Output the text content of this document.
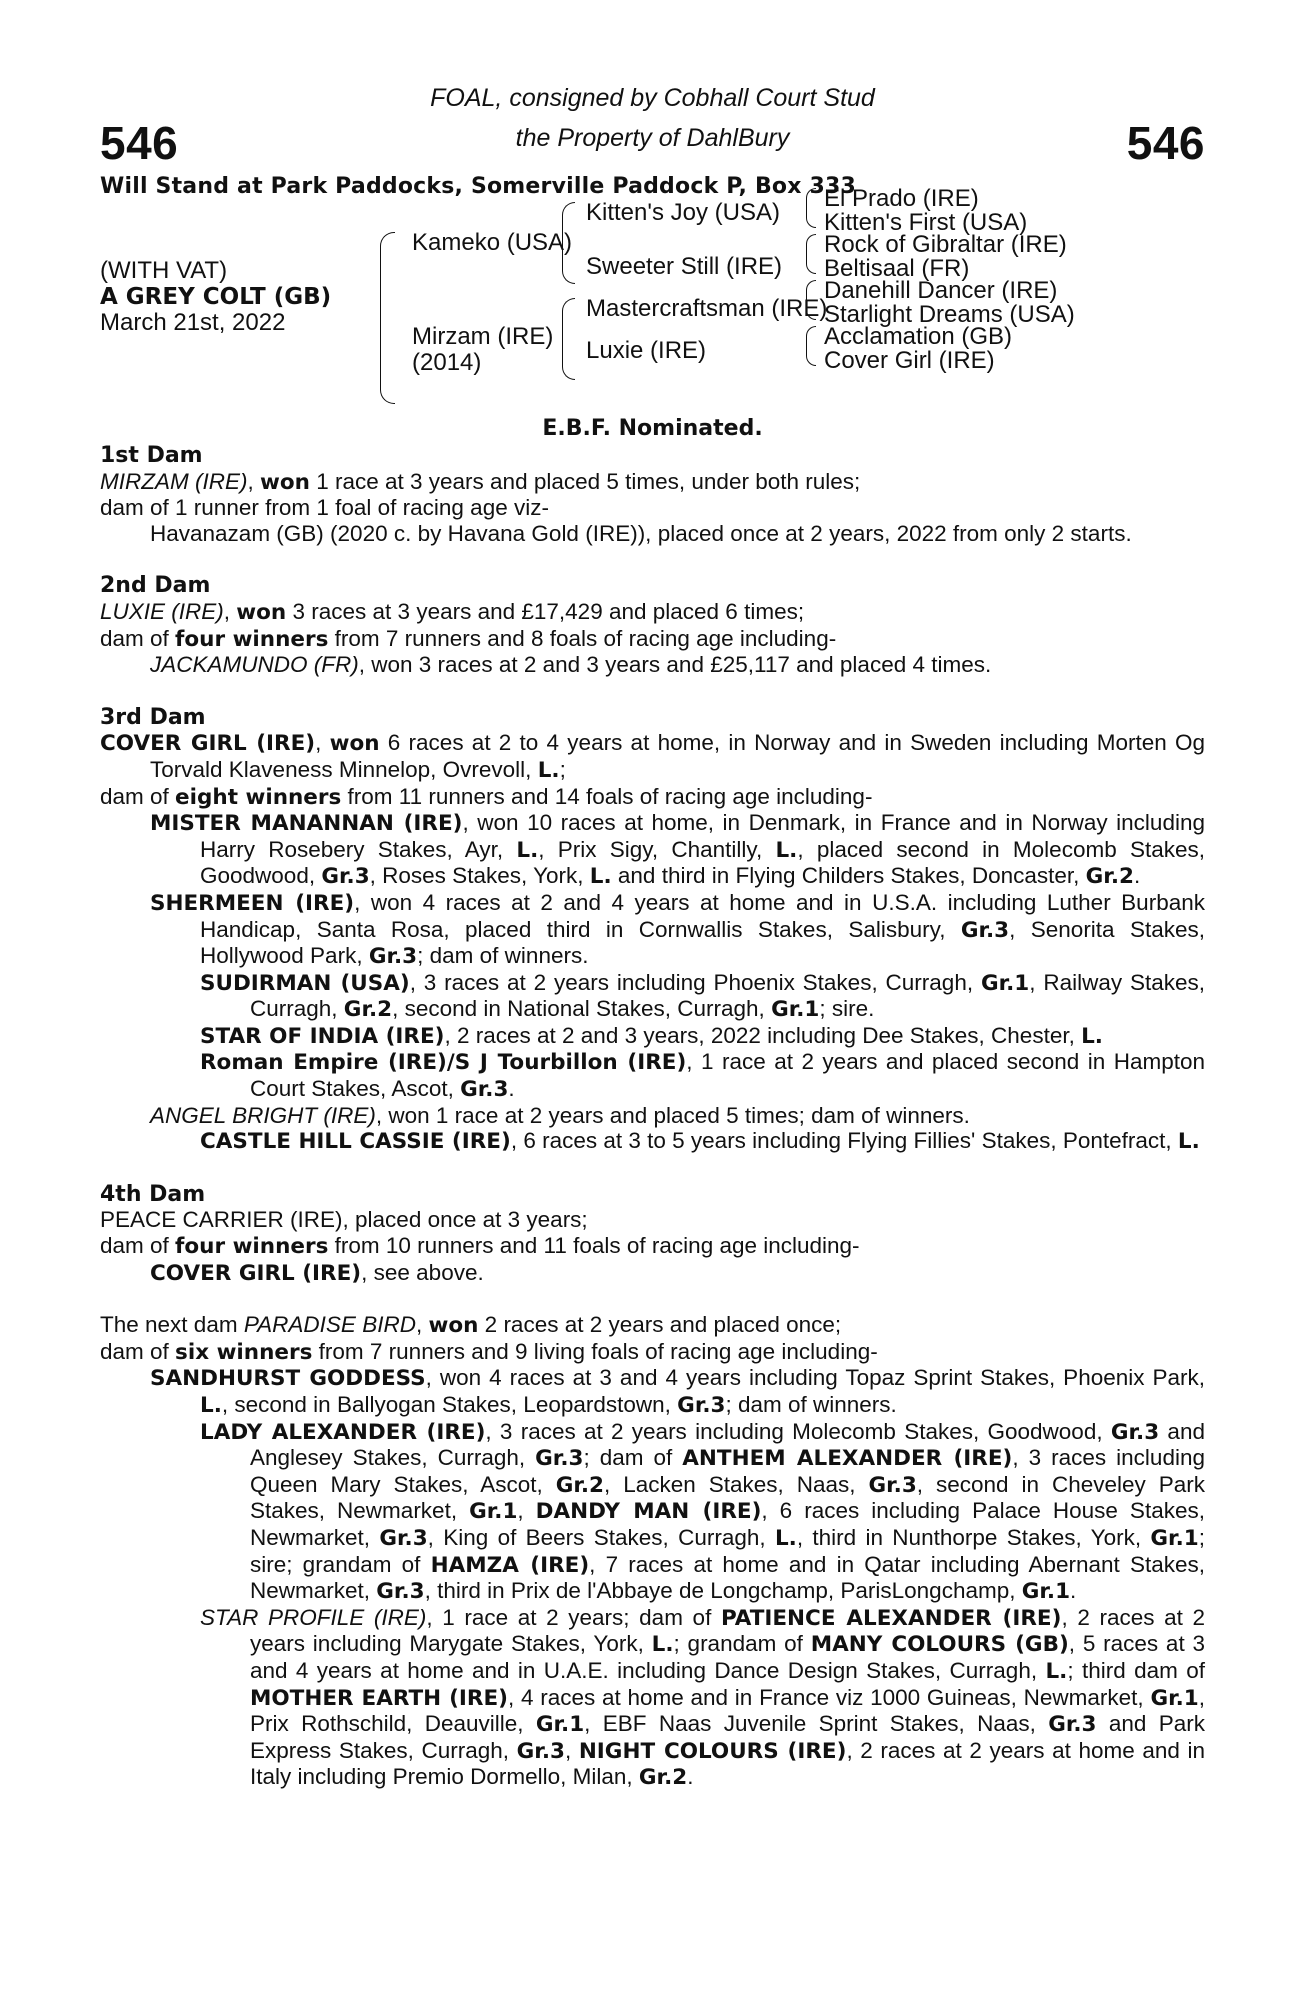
546
FOAL, consigned by Cobhall Court Stud
the Property of DahlBury	546
Will Stand at Park Paddocks, Somerville Paddock P, Box 333
(WITH VAT)
A GREY COLT (GB)
March 21st, 2022
Kameko (USA)
Mirzam (IRE)
(2014)
Kitten's Joy (USA)
Sweeter Still (IRE)
Mastercraftsman (IRE)
Luxie (IRE)
El Prado (IRE)
Kitten's First (USA)
Rock of Gibraltar (IRE)
Beltisaal (FR)
Danehill Dancer (IRE)
Starlight Dreams (USA)
Acclamation (GB)
Cover Girl (IRE)
E.B.F. Nominated.

1st Dam

MIRZAM (IRE), won 1 race at 3 years and placed 5 times, under both rules;

dam of 1 runner from 1 foal of racing age viz-

Havanazam (GB) (2020 c. by Havana Gold (IRE)), placed once at 2 years, 2022 from only 2 starts.

2nd Dam

LUXIE (IRE), won 3 races at 3 years and £17,429 and placed 6 times;

dam of four winners from 7 runners and 8 foals of racing age including-

JACKAMUNDO (FR), won 3 races at 2 and 3 years and £25,117 and placed 4 times.

3rd Dam

COVER GIRL (IRE), won 6 races at 2 to 4 years at home, in Norway and in Sweden including Morten Og Torvald Klaveness Minnelop, Ovrevoll, L.;

dam of eight winners from 11 runners and 14 foals of racing age including-

MISTER MANANNAN (IRE), won 10 races at home, in Denmark, in France and in Norway including Harry Rosebery Stakes, Ayr, L., Prix Sigy, Chantilly, L., placed second in Molecomb Stakes, Goodwood, Gr.3, Roses Stakes, York, L. and third in Flying Childers Stakes, Doncaster, Gr.2.

SHERMEEN (IRE), won 4 races at 2 and 4 years at home and in U.S.A. including Luther Burbank Handicap, Santa Rosa, placed third in Cornwallis Stakes, Salisbury, Gr.3, Senorita Stakes, Hollywood Park, Gr.3; dam of winners.

SUDIRMAN (USA), 3 races at 2 years including Phoenix Stakes, Curragh, Gr.1, Railway Stakes, Curragh, Gr.2, second in National Stakes, Curragh, Gr.1; sire.

STAR OF INDIA (IRE), 2 races at 2 and 3 years, 2022 including Dee Stakes, Chester, L.

Roman Empire (IRE)/S J Tourbillon (IRE), 1 race at 2 years and placed second in Hampton Court Stakes, Ascot, Gr.3.

ANGEL BRIGHT (IRE), won 1 race at 2 years and placed 5 times; dam of winners.

CASTLE HILL CASSIE (IRE), 6 races at 3 to 5 years including Flying Fillies' Stakes, Pontefract, L.

4th Dam

PEACE CARRIER (IRE), placed once at 3 years;

dam of four winners from 10 runners and 11 foals of racing age including-

COVER GIRL (IRE), see above.

The next dam PARADISE BIRD, won 2 races at 2 years and placed once;

dam of six winners from 7 runners and 9 living foals of racing age including-

SANDHURST GODDESS, won 4 races at 3 and 4 years including Topaz Sprint Stakes, Phoenix Park, L., second in Ballyogan Stakes, Leopardstown, Gr.3; dam of winners.

LADY ALEXANDER (IRE), 3 races at 2 years including Molecomb Stakes, Goodwood, Gr.3 and Anglesey Stakes, Curragh, Gr.3; dam of ANTHEM ALEXANDER (IRE), 3 races including Queen Mary Stakes, Ascot, Gr.2, Lacken Stakes, Naas, Gr.3, second in Cheveley Park Stakes, Newmarket, Gr.1, DANDY MAN (IRE), 6 races including Palace House Stakes, Newmarket, Gr.3, King of Beers Stakes, Curragh, L., third in Nunthorpe Stakes, York, Gr.1; sire; grandam of HAMZA (IRE), 7 races at home and in Qatar including Abernant Stakes, Newmarket, Gr.3, third in Prix de l'Abbaye de Longchamp, ParisLongchamp, Gr.1.

STAR PROFILE (IRE), 1 race at 2 years; dam of PATIENCE ALEXANDER (IRE), 2 races at 2 years including Marygate Stakes, York, L.; grandam of MANY COLOURS (GB), 5 races at 3 and 4 years at home and in U.A.E. including Dance Design Stakes, Curragh, L.; third dam of MOTHER EARTH (IRE), 4 races at home and in France viz 1000 Guineas, Newmarket, Gr.1, Prix Rothschild, Deauville, Gr.1, EBF Naas Juvenile Sprint Stakes, Naas, Gr.3 and Park Express Stakes, Curragh, Gr.3, NIGHT COLOURS (IRE), 2 races at 2 years at home and in Italy including Premio Dormello, Milan, Gr.2.
